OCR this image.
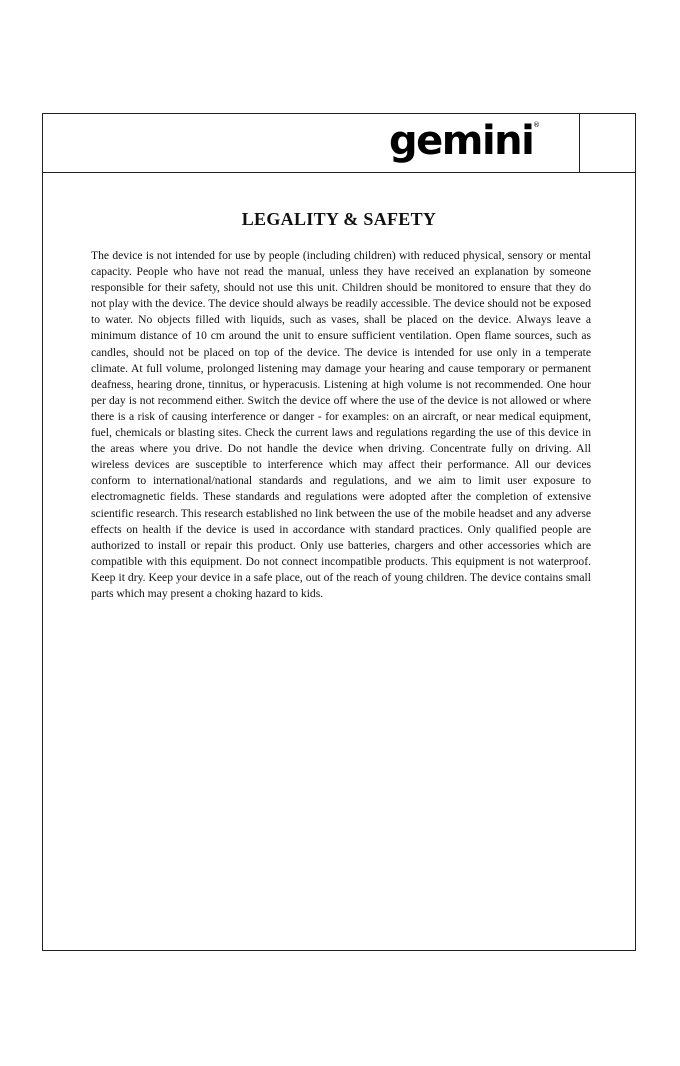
gemini ®
LEGALITY & SAFETY

The device is not intended for use by people (including children) with reduced physical, sensory or mental capacity. People who have not read the manual, unless they have received an explanation by someone responsible for their safety, should not use this unit. Children should be monitored to ensure that they do not play with the device. The device should always be readily accessible. The device should not be exposed to water. No objects filled with liquids, such as vases, shall be placed on the device. Always leave a minimum distance of 10 cm around the unit to ensure sufficient ventilation. Open flame sources, such as candles, should not be placed on top of the device. The device is intended for use only in a temperate climate. At full volume, prolonged listening may damage your hearing and cause temporary or permanent deafness, hearing drone, tinnitus, or hyperacusis. Listening at high volume is not recommended. One hour per day is not recommend either. Switch the device off where the use of the device is not allowed or where there is a risk of causing interference or danger - for examples: on an aircraft, or near medical equipment, fuel, chemicals or blasting sites. Check the current laws and regulations regarding the use of this device in the areas where you drive. Do not handle the device when driving. Concentrate fully on driving. All wireless devices are susceptible to interference which may affect their performance. All our devices conform to international/national standards and regulations, and we aim to limit user exposure to electromagnetic fields. These standards and regulations were adopted after the completion of extensive scientific research. This research established no link between the use of the mobile headset and any adverse effects on health if the device is used in accordance with standard practices. Only qualified people are authorized to install or repair this product. Only use batteries, chargers and other accessories which are compatible with this equipment. Do not connect incompatible products. This equipment is not waterproof. Keep it dry. Keep your device in a safe place, out of the reach of young children. The device contains small parts which may present a choking hazard to kids.
